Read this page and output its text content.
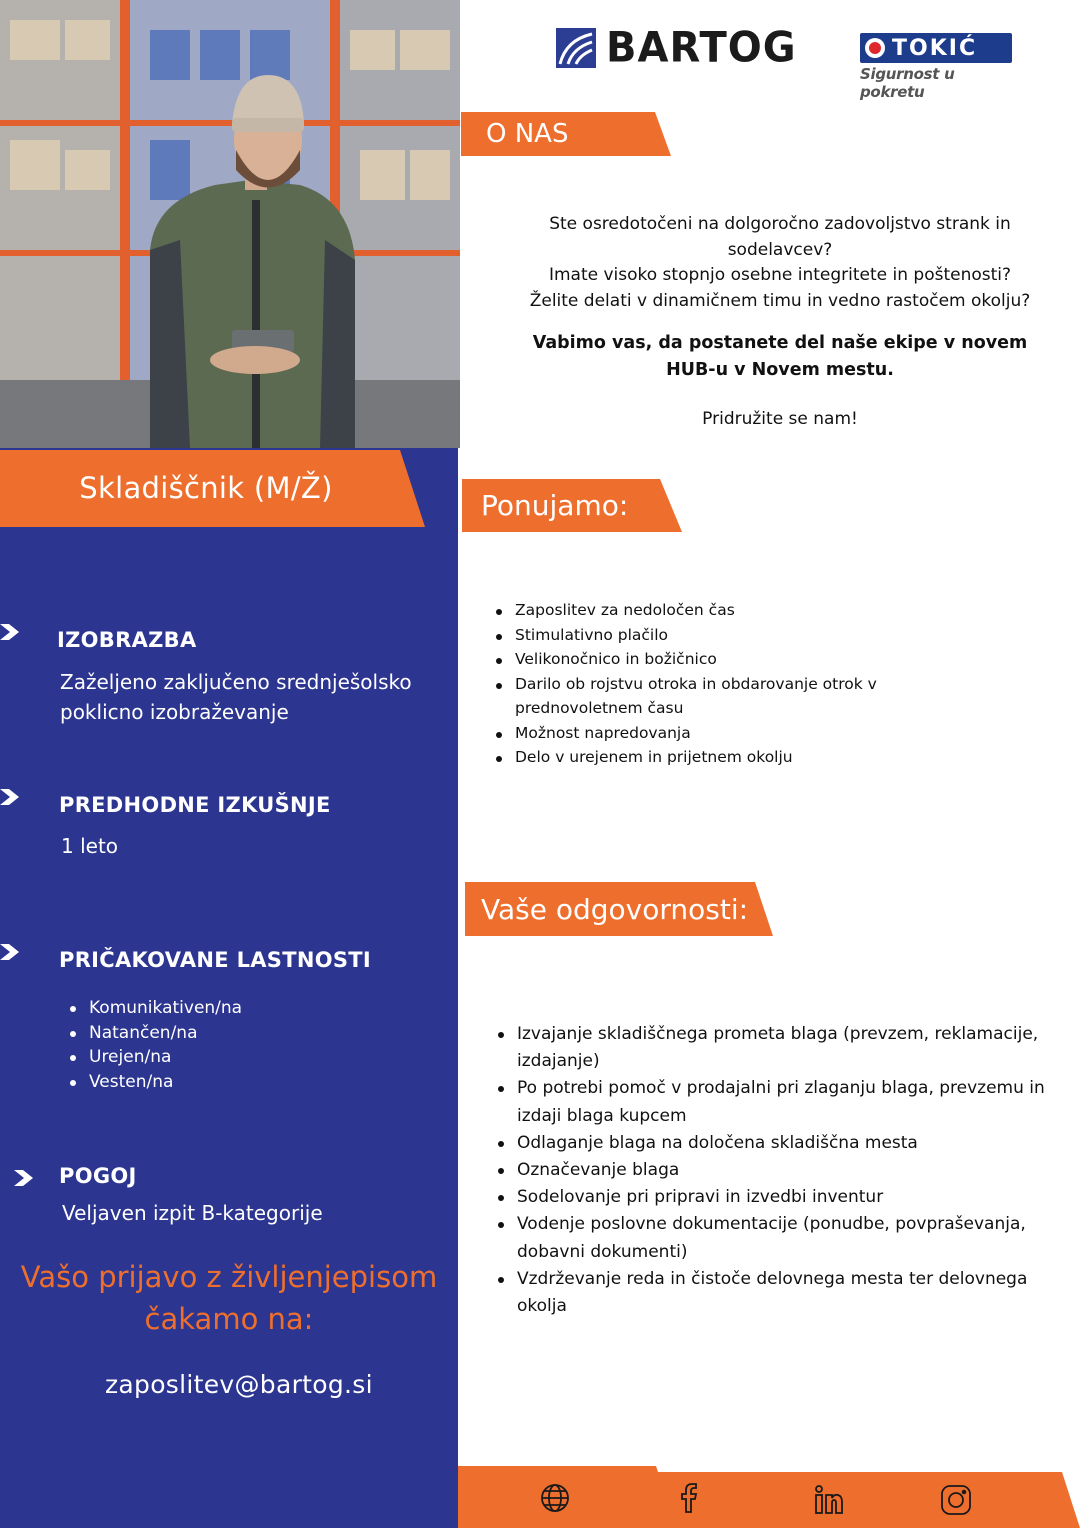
Skladiščnik (M/Ž)
IZOBRAZBA
Zaželjeno zaključeno srednješolsko poklicno izobraževanje
PREDHODNE IZKUŠNJE
1 leto
PRIČAKOVANE LASTNOSTI
Komunikativen/na
Natančen/na
Urejen/na
Vesten/na
POGOJ
Veljaven izpit B-kategorije
Vašo prijavo z življenjepisom
čakamo na:
zaposlitev@bartog.si
BARTOG	TOKIĆ
Sigurnost u pokretu
O NAS
Ste osredotočeni na dolgoročno zadovoljstvo strank in sodelavcev?
Imate visoko stopnjo osebne integritete in poštenosti?
Želite delati v dinamičnem timu in vedno rastočem okolju?
Vabimo vas, da postanete del naše ekipe v novem HUB-u v Novem mestu.
Pridružite se nam!
Ponujamo:
Zaposlitev za nedoločen čas
Stimulativno plačilo
Velikonočnico in božičnico
Darilo ob rojstvu otroka in obdarovanje otrok v prednovoletnem času
Možnost napredovanja
Delo v urejenem in prijetnem okolju
Vaše odgovornosti:
Izvajanje skladiščnega prometa blaga (prevzem, reklamacije, izdajanje)
Po potrebi pomoč v prodajalni pri zlaganju blaga, prevzemu in izdaji blaga kupcem
Odlaganje blaga na določena skladiščna mesta
Označevanje blaga
Sodelovanje pri pripravi in izvedbi inventur
Vodenje poslovne dokumentacije (ponudbe, povpraševanja, dobavni dokumenti)
Vzdrževanje reda in čistoče delovnega mesta ter delovnega okolja
